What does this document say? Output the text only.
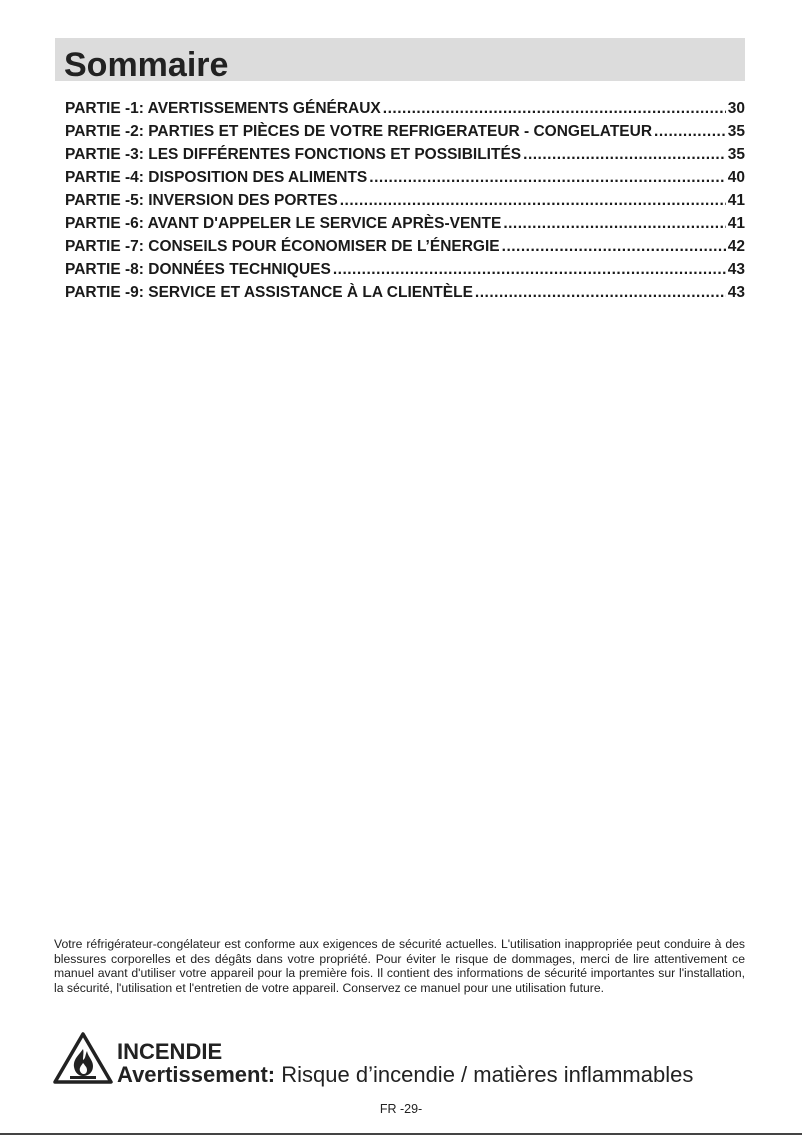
Sommaire
PARTIE -1: AVERTISSEMENTS GÉNÉRAUX .....	30
PARTIE -2: PARTIES ET PIÈCES DE VOTRE REFRIGERATEUR - CONGELATEUR .....	35
PARTIE -3: LES DIFFÉRENTES FONCTIONS ET POSSIBILITÉS .....	35
PARTIE -4: DISPOSITION DES ALIMENTS .....	40
PARTIE -5: INVERSION DES PORTES .....	41
PARTIE -6: AVANT D'APPELER LE SERVICE APRÈS-VENTE .....	41
PARTIE -7: CONSEILS POUR ÉCONOMISER DE L’ÉNERGIE .....	42
PARTIE -8: DONNÉES TECHNIQUES .....	43
PARTIE -9: SERVICE ET ASSISTANCE À LA CLIENTÈLE .....	43

Votre réfrigérateur-congélateur est conforme aux exigences de sécurité actuelles. L'utilisation inappropriée peut conduire à des blessures corporelles et des dégâts dans votre propriété. Pour éviter le risque de dommages, merci de lire attentivement ce manuel avant d'utiliser votre appareil pour la première fois. Il contient des informations de sécurité importantes sur l'installation, la sécurité, l'utilisation et l'entretien de votre appareil. Conservez ce manuel pour une utilisation future.

INCENDIE

Avertissement: Risque d’incendie / matières inflammables

FR -29-
